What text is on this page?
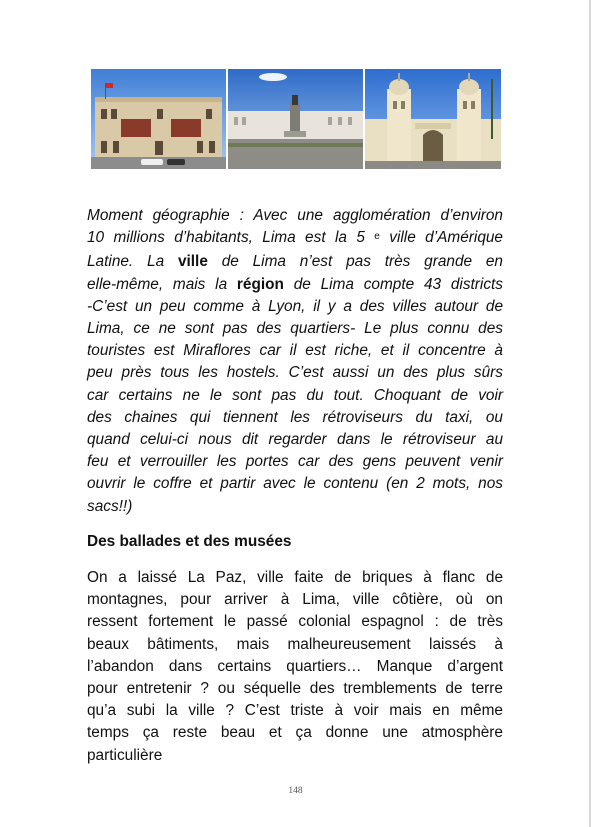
Moment géographie : Avec une agglomération d’environ
10 millions d’habitants, Lima est la 5 $^e$ ville d’Amérique
Latine. La ville de Lima n’est pas très grande en
elle-même, mais la région de Lima compte 43 districts
-C’est un peu comme à Lyon, il y a des villes autour de
Lima, ce ne sont pas des quartiers- Le plus connu des
touristes est Miraflores car il est riche, et il concentre à
peu près tous les hostels. C’est aussi un des plus sûrs
car certains ne le sont pas du tout. Choquant de voir
des chaines qui tiennent les rétroviseurs du taxi, ou
quand celui-ci nous dit regarder dans le rétroviseur au
feu et verrouiller les portes car des gens peuvent venir
ouvrir le coffre et partir avec le contenu (en 2 mots, nos
sacs!!)
Des ballades et des musées
On a laissé La Paz, ville faite de briques à flanc de
montagnes, pour arriver à Lima, ville côtière, où on
ressent fortement le passé colonial espagnol : de très
beaux bâtiments, mais malheureusement laissés à
l’abandon dans certains quartiers… Manque d’argent
pour entretenir ? ou séquelle des tremblements de terre
qu’a subi la ville ? C’est triste à voir mais en même
temps ça reste beau et ça donne une atmosphère
particulière
148
